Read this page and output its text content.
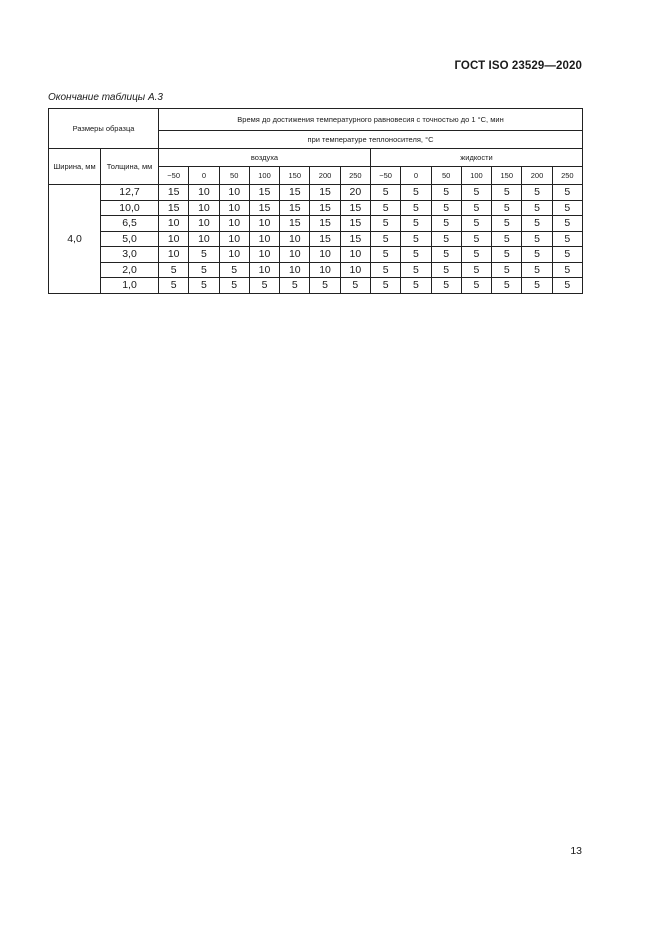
ГОСТ ISO 23529—2020
Окончание таблицы А.3
Размеры образца		Время до достижения температурного равновесия с точностью до 1 °С, мин													
		при температуре теплоносителя, °С													
Ширина, мм	Толщина, мм	воздуха							жидкости						
		−50	0	50	100	150	200	250	−50	0	50	100	150	200	250
4,0	12,7	15	10	10	15	15	15	20	5	5	5	5	5	5	5
	10,0	15	10	10	15	15	15	15	5	5	5	5	5	5	5
	6,5	10	10	10	10	15	15	15	5	5	5	5	5	5	5
	5,0	10	10	10	10	10	15	15	5	5	5	5	5	5	5
	3,0	10	5	10	10	10	10	10	5	5	5	5	5	5	5
	2,0	5	5	5	10	10	10	10	5	5	5	5	5	5	5
	1,0	5	5	5	5	5	5	5	5	5	5	5	5	5	5
13
